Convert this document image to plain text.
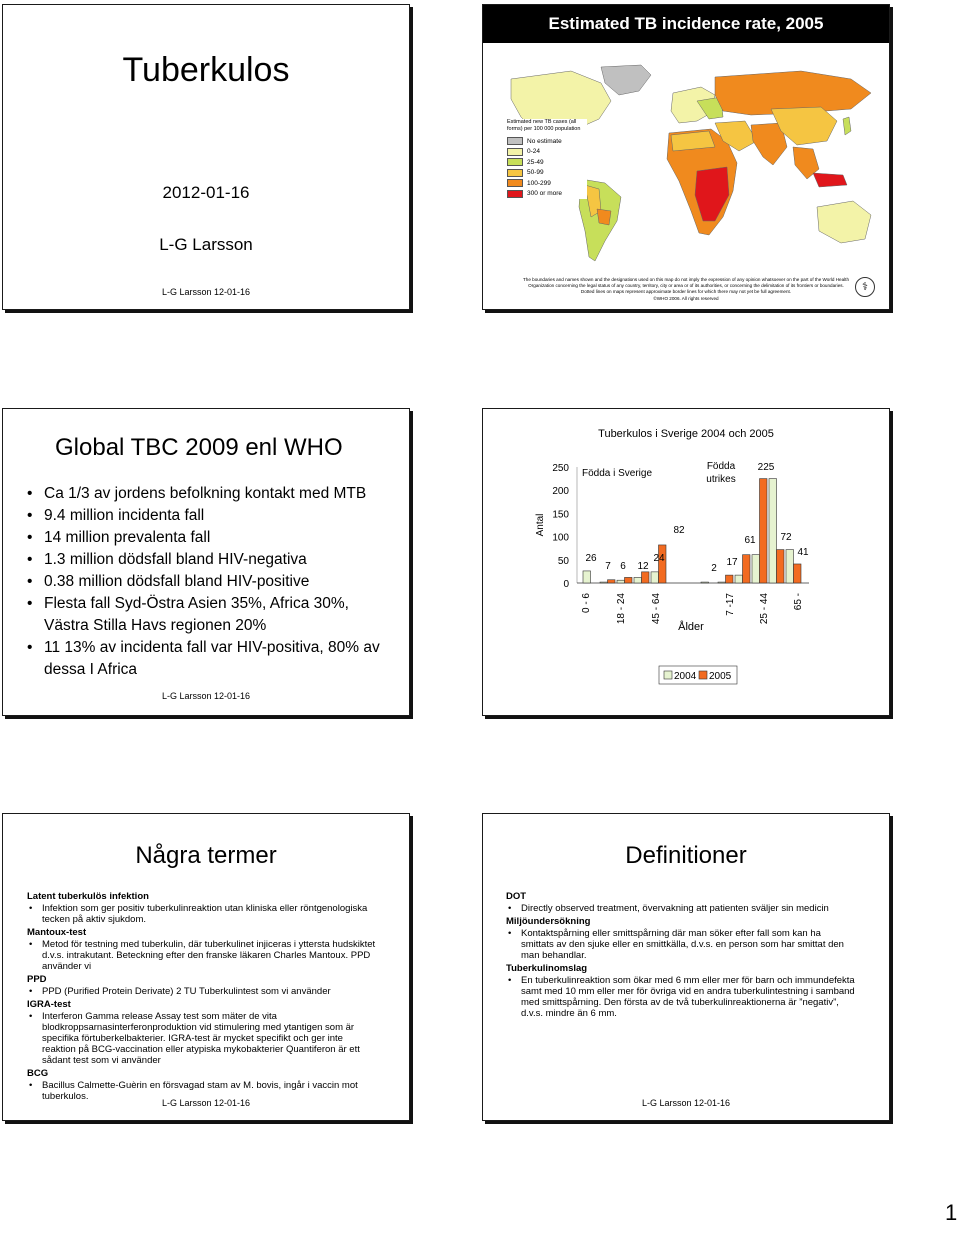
Tuberkulos
2012-01-16
L-G Larsson
L-G Larsson 12-01-16
Estimated TB incidence rate, 2005
Estimated new TB cases (all forms) per 100 000 population
No estimate
0-24
25-49
50-99
100-299
300 or more
The boundaries and names shown and the designations used on this map do not imply the expression of any opinion whatsoever on the part of the World Health Organization concerning the legal status of any country, territory, city or area or of its authorities, or concerning the delimitation of its frontiers or boundaries. Dotted lines on maps represent approximate border lines for which there may not yet be full agreement.
©WHO 2006. All rights reserved
⚕
Global TBC 2009 enl WHO
• Ca 1/3 av jordens befolkning kontakt med MTB
• 9.4 million incidenta fall
• 14 million prevalenta fall
• 1.3 million dödsfall bland HIV-negativa
• 0.38 million dödsfall bland HIV-positive
• Flesta fall Syd-Östra Asien 35%, Africa 30%, Västra Stilla Havs regionen 20%
• 11 13% av incidenta fall var HIV-positiva, 80% av dessa I Africa
L-G Larsson 12-01-16
Tuberkulos i Sverige 2004 och 2005
Antal
0
50
100
150
200
250 Födda i Sverige
Födda
utrikes
26
7 6 12
24
82
2
17
61
225
72
41
0 - 6 18 - 24 45 - 64	7 -17 25 - 44 65 -
Ålder
2004 2005
Några termer

Latent tuberkulös infektion

• Infektion som ger positiv tuberkulinreaktion utan kliniska eller röntgenologiska tecken på aktiv sjukdom.

Mantoux-test

• Metod för testning med tuberkulin, där tuberkulinet injiceras i yttersta hudskiktet d.v.s. intrakutant. Beteckning efter den franske läkaren Charles Mantoux. PPD använder vi

PPD

• PPD (Purified Protein Derivate) 2 TU Tuberkulintest som vi använder

IGRA-test

• Interferon Gamma release Assay test som mäter de vita blodkroppsarnasinterferonproduktion vid stimulering med ytantigen som är specifika förtuberkelbakterier. IGRA-test är mycket specifikt och ger inte reaktion på BCG-vaccination eller atypiska mykobakterier Quantiferon är ett sådant test som vi använder

BCG

• Bacillus Calmette-Guèrin en försvagad stam av M. bovis, ingår i vaccin mot tuberkulos.
L-G Larsson 12-01-16
Definitioner

DOT

• Directly observed treatment, övervakning att patienten sväljer sin medicin

Miljöundersökning

• Kontaktspårning eller smittspårning där man söker efter fall som kan ha smittats av den sjuke eller en smittkälla, d.v.s. en person som har smittat den man behandlar.

Tuberkulinomslag

• En tuberkulinreaktion som ökar med 6 mm eller mer för barn och immundefekta samt med 10 mm eller mer för övriga vid en andra tuberkulintestning i samband med smittspårning. Den första av de två tuberkulinreaktionerna är ”negativ”, d.v.s. mindre än 6 mm.
L-G Larsson 12-01-16
1
